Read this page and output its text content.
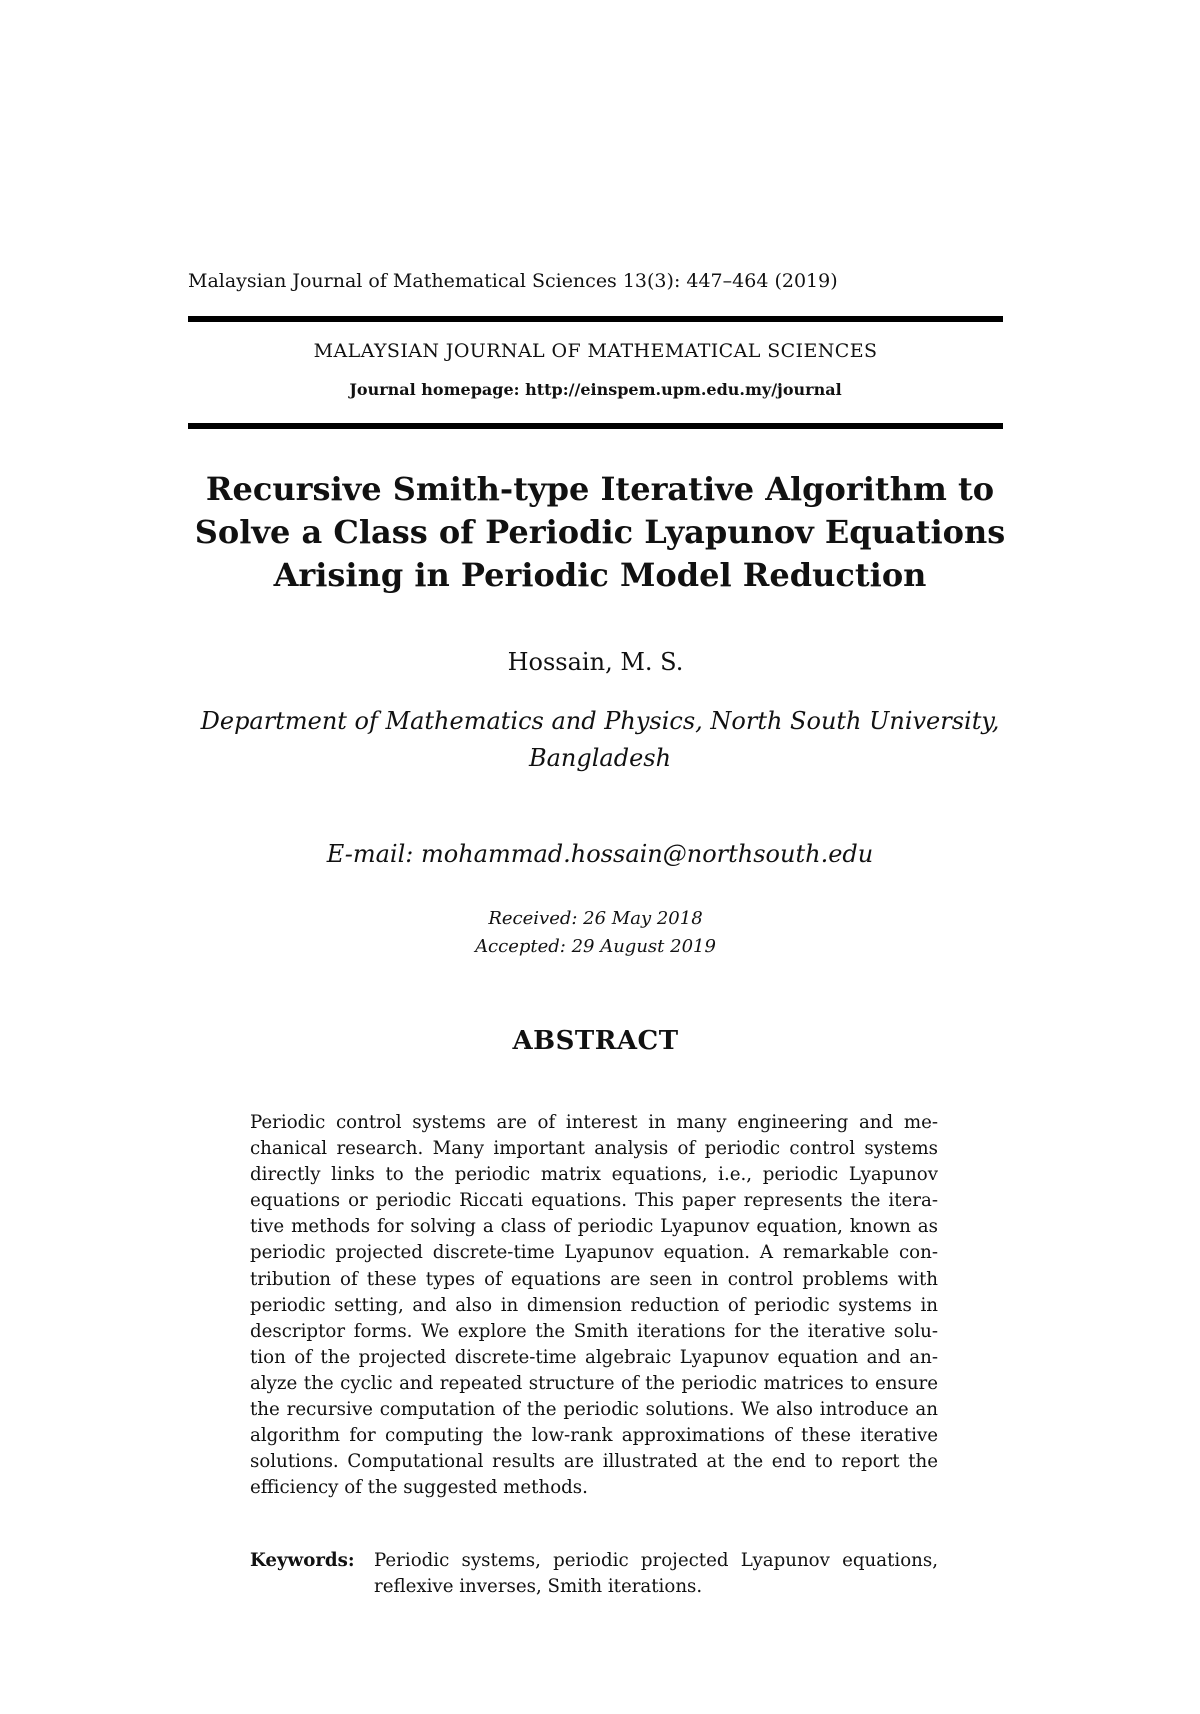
Malaysian Journal of Mathematical Sciences 13(3): 447–464 (2019)
MALAYSIAN JOURNAL OF MATHEMATICAL SCIENCES
Journal homepage: http://einspem.upm.edu.my/journal
Recursive Smith-type Iterative Algorithm to
Solve a Class of Periodic Lyapunov Equations
Arising in Periodic Model Reduction
Hossain, M. S.
Department of Mathematics and Physics, North South University,
Bangladesh
E-mail: mohammad.hossain@northsouth.edu
Received: 26 May 2018
Accepted: 29 August 2019
ABSTRACT
Periodic control systems are of interest in many engineering and me-
chanical research. Many important analysis of periodic control systems
directly links to the periodic matrix equations, i.e., periodic Lyapunov
equations or periodic Riccati equations. This paper represents the itera-
tive methods for solving a class of periodic Lyapunov equation, known as
periodic projected discrete-time Lyapunov equation. A remarkable con-
tribution of these types of equations are seen in control problems with
periodic setting, and also in dimension reduction of periodic systems in
descriptor forms. We explore the Smith iterations for the iterative solu-
tion of the projected discrete-time algebraic Lyapunov equation and an-
alyze the cyclic and repeated structure of the periodic matrices to ensure
the recursive computation of the periodic solutions. We also introduce an
algorithm for computing the low-rank approximations of these iterative
solutions. Computational results are illustrated at the end to report the
efficiency of the suggested methods.
Keywords: Periodic systems, periodic projected Lyapunov equations,
reflexive inverses, Smith iterations.
